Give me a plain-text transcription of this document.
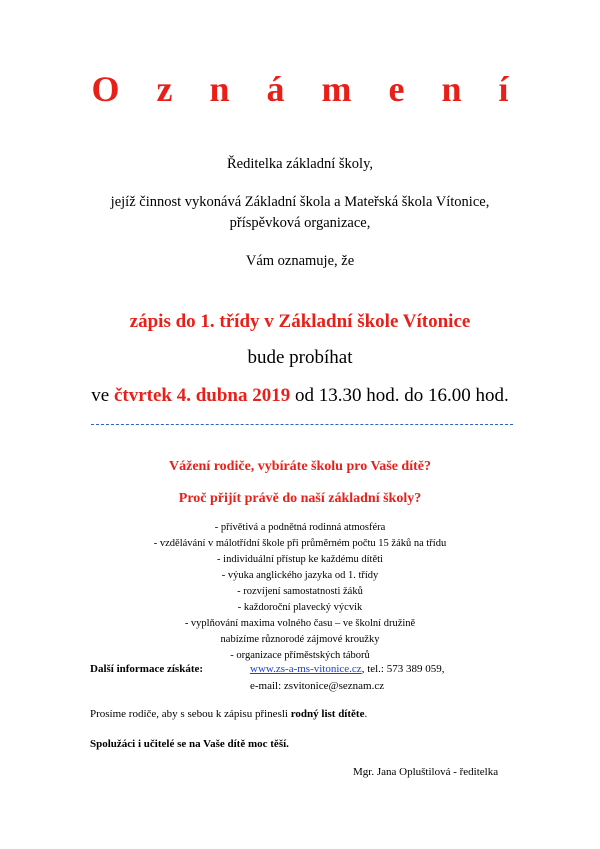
O z n á m e n í
Ředitelka základní školy,
jejíž činnost vykonává Základní škola a Mateřská škola Vítonice,
příspěvková organizace,
Vám oznamuje, že
zápis do 1. třídy v Základní škole Vítonice
bude probíhat
ve čtvrtek 4. dubna 2019 od 13.30 hod. do 16.00 hod.
Vážení rodiče, vybíráte školu pro Vaše dítě?
Proč přijít právě do naší základní školy?
- přívětivá a podnětná rodinná atmosféra
- vzdělávání v málotřídní škole při průměrném počtu 15 žáků na třídu
- individuální přístup ke každému dítěti
- výuka anglického jazyka od 1. třídy
- rozvíjení samostatnosti žáků
- každoroční plavecký výcvik
- vyplňování maxima volného času – ve školní družině
nabízíme různorodé zájmové kroužky
- organizace příměstských táborů
Další informace získáte:	www.zs-a-ms-vitonice.cz, tel.: 573 389 059,
e-mail: zsvitonice@seznam.cz
Prosíme rodiče, aby s sebou k zápisu přinesli rodný list dítěte.
Spolužáci i učitelé se na Vaše dítě moc těší.
Mgr. Jana Opluštilová - ředitelka
